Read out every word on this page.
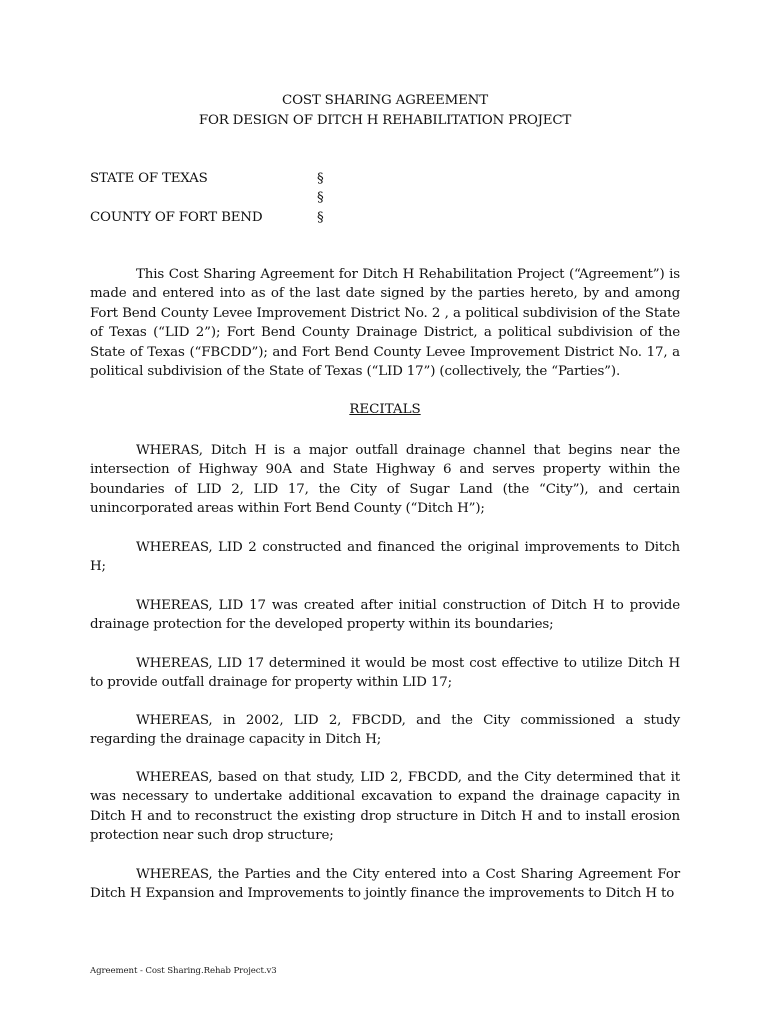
COST SHARING AGREEMENT
FOR DESIGN OF DITCH H REHABILITATION PROJECT
STATE OF TEXAS	§
§
COUNTY OF FORT BEND	§

This Cost Sharing Agreement for Ditch H Rehabilitation Project (“Agreement”) is made and entered into as of the last date signed by the parties hereto, by and among Fort Bend County Levee Improvement District No. 2 , a political subdivision of the State of Texas (“LID 2”); Fort Bend County Drainage District, a political subdivision of the State of Texas (“FBCDD”); and Fort Bend County Levee Improvement District No. 17, a political subdivision of the State of Texas (“LID 17”) (collectively, the “Parties”).

RECITALS

WHERAS, Ditch H is a major outfall drainage channel that begins near the intersection of Highway 90A and State Highway 6 and serves property within the boundaries of LID 2, LID 17, the City of Sugar Land (the “City”), and certain unincorporated areas within Fort Bend County (“Ditch H”);

WHEREAS, LID 2 constructed and financed the original improvements to Ditch H;

WHEREAS, LID 17 was created after initial construction of Ditch H to provide drainage protection for the developed property within its boundaries;

WHEREAS, LID 17 determined it would be most cost effective to utilize Ditch H to provide outfall drainage for property within LID 17;

WHEREAS, in 2002, LID 2, FBCDD, and the City commissioned a study regarding the drainage capacity in Ditch H;

WHEREAS, based on that study, LID 2, FBCDD, and the City determined that it was necessary to undertake additional excavation to expand the drainage capacity in Ditch H and to reconstruct the existing drop structure in Ditch H and to install erosion protection near such drop structure;

WHEREAS, the Parties and the City entered into a Cost Sharing Agreement For Ditch H Expansion and Improvements to jointly finance the improvements to Ditch H to

Agreement - Cost Sharing.Rehab Project.v3
